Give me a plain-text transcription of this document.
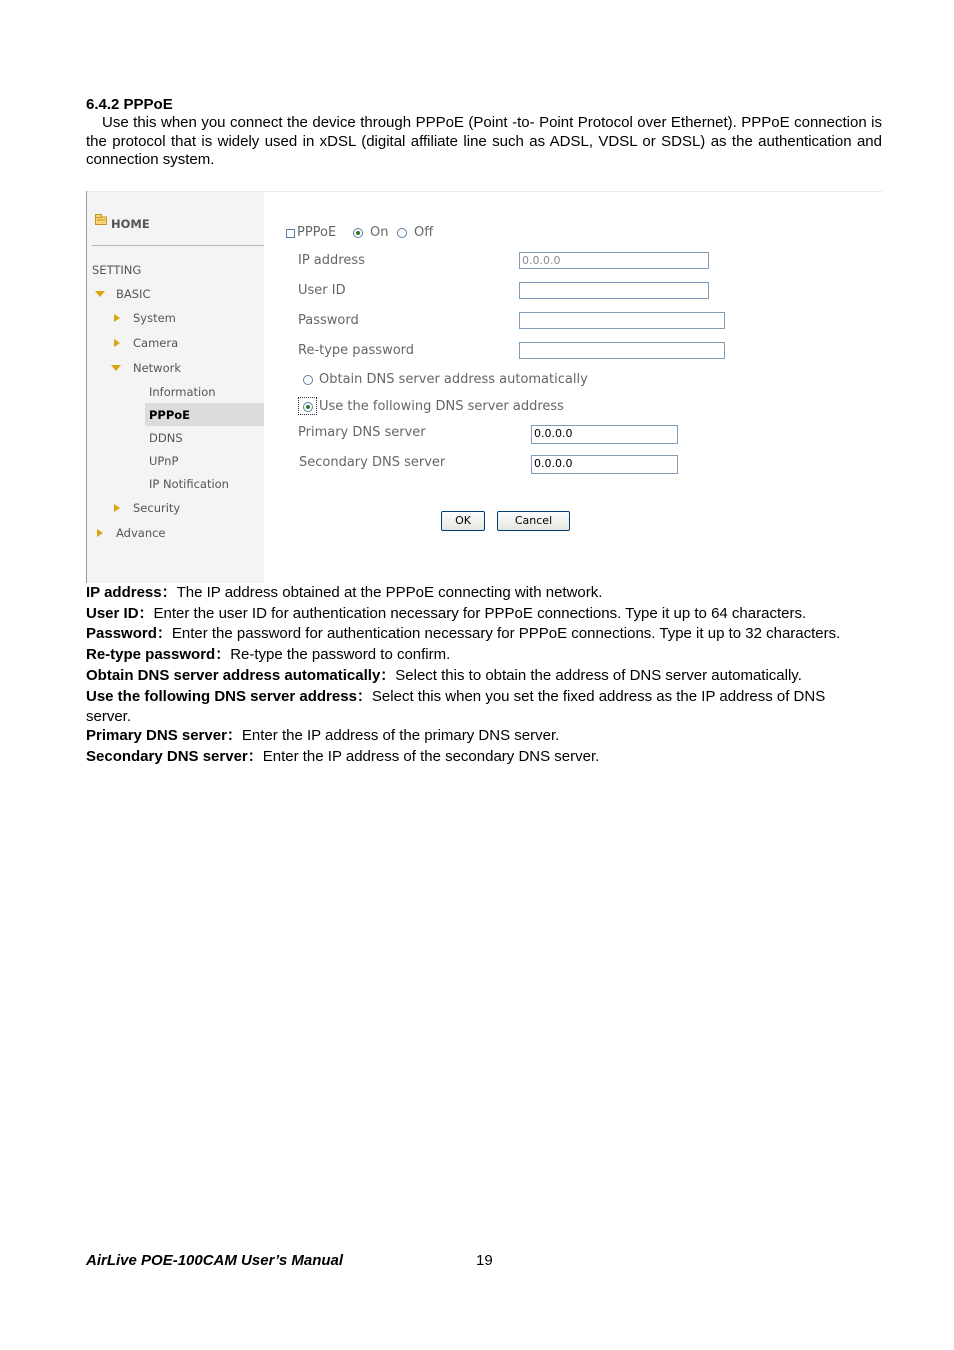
6.4.2 PPPoE
Use this when you connect the device through PPPoE (Point -to- Point Protocol over Ethernet). PPPoE connection is the protocol that is widely used in xDSL (digital affiliate line such as ADSL, VDSL or SDSL) as the authentication and connection system.
HOME
SETTING
BASIC
System
Camera
Network
Information
PPPoE
DDNS
UPnP
IP Notification
Security
Advance
PPPoE	On Off
IP address	0.0.0.0
User ID
Password
Re-type password
Obtain DNS server address automatically
Use the following DNS server address
Primary DNS server	0.0.0.0
Secondary DNS server	0.0.0.0
OK	Cancel
IP address：The IP address obtained at the PPPoE connecting with network.
User ID：Enter the user ID for authentication necessary for PPPoE connections. Type it up to 64 characters.
Password：Enter the password for authentication necessary for PPPoE connections. Type it up to 32 characters.
Re-type password：Re-type the password to confirm.
Obtain DNS server address automatically：Select this to obtain the address of DNS server automatically.
Use the following DNS server address：Select this when you set the fixed address as the IP address of DNS
server.
Primary DNS server：Enter the IP address of the primary DNS server.
Secondary DNS server：Enter the IP address of the secondary DNS server.
AirLive POE-100CAM User’s Manual	19
